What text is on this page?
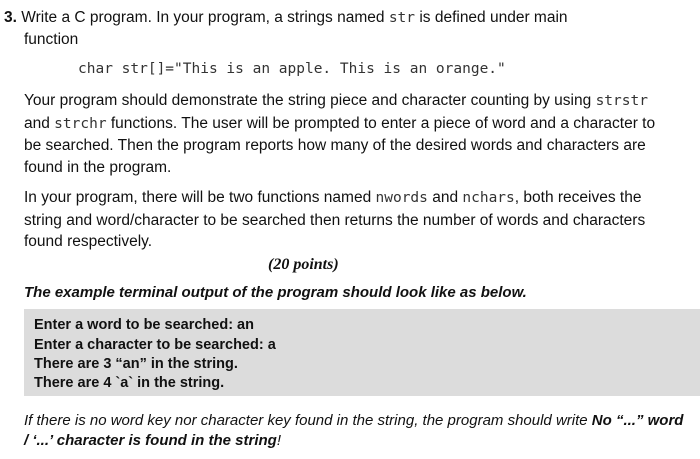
3. Write a C program. In your program, a strings named str is defined under main
function
char str[]="This is an apple. This is an orange."
Your program should demonstrate the string piece and character counting by using strstr and strchr functions. The user will be prompted to enter a piece of word and a character to be searched. Then the program reports how many of the desired words and characters are found in the program.
In your program, there will be two functions named nwords and nchars, both receives the string and word/character to be searched then returns the number of words and characters found respectively.
(20 points)
The example terminal output of the program should look like as below.
Enter a word to be searched: an
Enter a character to be searched: a
There are 3 “an” in the string.
There are 4 `a` in the string.
If there is no word key nor character key found in the string, the program should write No “...” word / ‘...’ character is found in the string!
